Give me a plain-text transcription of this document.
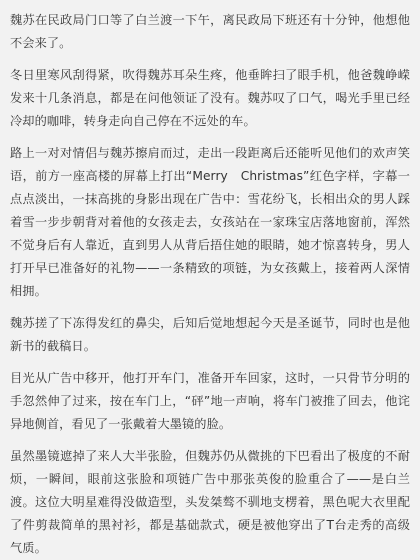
魏苏在民政局门口等了白兰渡一下午，离民政局下班还有十分钟，他想他不会来了。

冬日里寒风刮得紧，吹得魏苏耳朵生疼，他垂眸扫了眼手机，他爸魏峥嵘发来十几条消息，都是在问他领证了没有。魏苏叹了口气，喝光手里已经冷却的咖啡，转身走向自己停在不远处的车。

路上一对对情侣与魏苏擦肩而过，走出一段距离后还能听见他们的欢声笑语，前方一座高楼的屏幕上打出“Merry　Christmas”红色字样，字幕一点点淡出，一抹高挑的身影出现在广告中：雪花纷飞，长相出众的男人踩着雪一步步朝背对着他的女孩走去，女孩站在一家珠宝店落地窗前，浑然不觉身后有人靠近，直到男人从背后捂住她的眼睛，她才惊喜转身，男人打开早已准备好的礼物——一条精致的项链，为女孩戴上，接着两人深情相拥。

魏苏搓了下冻得发红的鼻尖，后知后觉地想起今天是圣诞节，同时也是他新书的截稿日。

目光从广告中移开，他打开车门，准备开车回家，这时，一只骨节分明的手忽然伸了过来，按在车门上，“砰”地一声响，将车门被推了回去，他诧异地侧首，看见了一张戴着大墨镜的脸。

虽然墨镜遮掉了来人大半张脸，但魏苏仍从微挑的下巴看出了极度的不耐烦，一瞬间，眼前这张脸和项链广告中那张英俊的脸重合了——是白兰渡。这位大明星难得没做造型，头发桀骜不驯地支楞着，黑色呢大衣里配了件剪裁简单的黑衬衫，都是基础款式，硬是被他穿出了T台走秀的高级气质。
